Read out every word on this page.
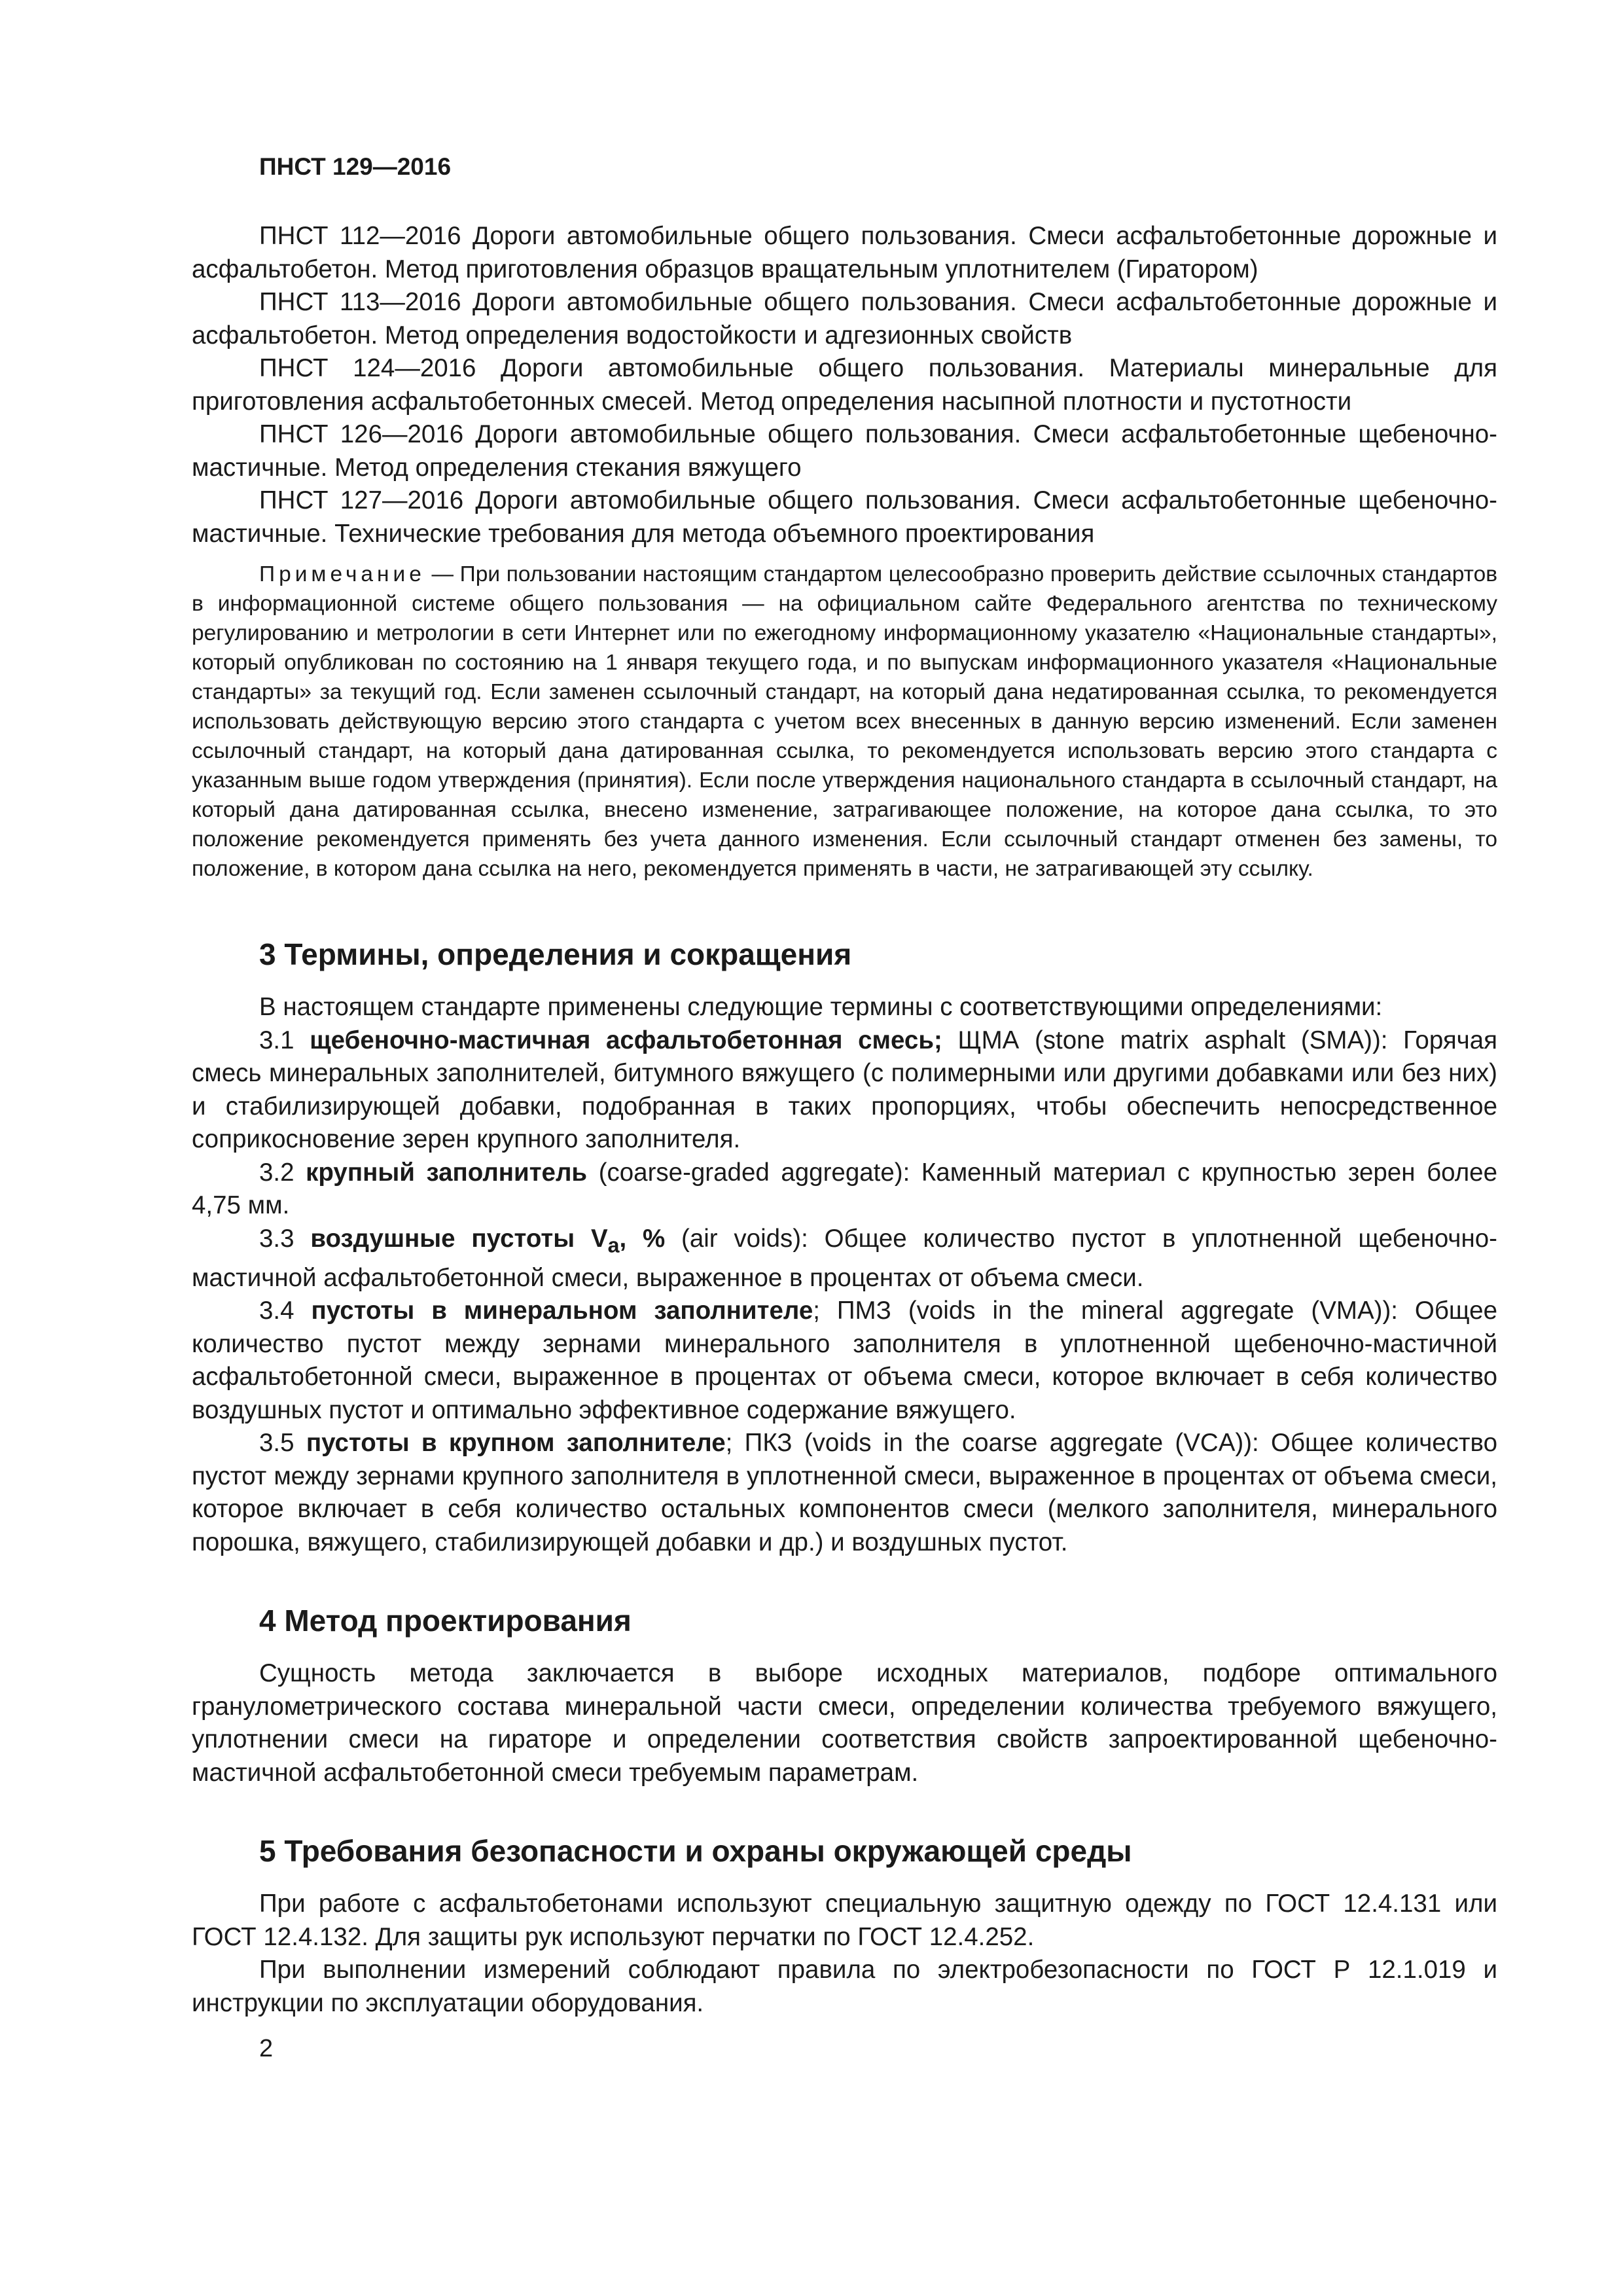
ПНСТ 129—2016

ПНСТ 112—2016 Дороги автомобильные общего пользования. Смеси асфальтобетонные дорожные и асфальтобетон. Метод приготовления образцов вращательным уплотнителем (Гиратором)

ПНСТ 113—2016 Дороги автомобильные общего пользования. Смеси асфальтобетонные дорожные и асфальтобетон. Метод определения водостойкости и адгезионных свойств

ПНСТ 124—2016 Дороги автомобильные общего пользования. Материалы минеральные для приготовления асфальтобетонных смесей. Метод определения насыпной плотности и пустотности

ПНСТ 126—2016 Дороги автомобильные общего пользования. Смеси асфальтобетонные щебеночно-мастичные. Метод определения стекания вяжущего

ПНСТ 127—2016 Дороги автомобильные общего пользования. Смеси асфальтобетонные щебеночно-мастичные. Технические требования для метода объемного проектирования

Примечание — При пользовании настоящим стандартом целесообразно проверить действие ссылочных стандартов в информационной системе общего пользования — на официальном сайте Федерального агентства по техническому регулированию и метрологии в сети Интернет или по ежегодному информационному указателю «Национальные стандарты», который опубликован по состоянию на 1 января текущего года, и по выпускам информационного указателя «Национальные стандарты» за текущий год. Если заменен ссылочный стандарт, на который дана недатированная ссылка, то рекомендуется использовать действующую версию этого стандарта с учетом всех внесенных в данную версию изменений. Если заменен ссылочный стандарт, на который дана датированная ссылка, то рекомендуется использовать версию этого стандарта с указанным выше годом утверждения (принятия). Если после утверждения национального стандарта в ссылочный стандарт, на который дана датированная ссылка, внесено изменение, затрагивающее положение, на которое дана ссылка, то это положение рекомендуется применять без учета данного изменения. Если ссылочный стандарт отменен без замены, то положение, в котором дана ссылка на него, рекомендуется применять в части, не затрагивающей эту ссылку.

3 Термины, определения и сокращения

В настоящем стандарте применены следующие термины с соответствующими определениями:

3.1 щебеночно-мастичная асфальтобетонная смесь; ЩМА (stone matrix asphalt (SMA)): Горячая смесь минеральных заполнителей, битумного вяжущего (с полимерными или другими добавками или без них) и стабилизирующей добавки, подобранная в таких пропорциях, чтобы обеспечить непосредственное соприкосновение зерен крупного заполнителя.

3.2 крупный заполнитель (coarse-graded aggregate): Каменный материал с крупностью зерен более 4,75 мм.

3.3 воздушные пустоты $V_а$, % (air voids): Общее количество пустот в уплотненной щебеночно-мастичной асфальтобетонной смеси, выраженное в процентах от объема смеси.

3.4 пустоты в минеральном заполнителе; ПМЗ (voids in the mineral aggregate (VMA)): Общее количество пустот между зернами минерального заполнителя в уплотненной щебеночно-мастичной асфальтобетонной смеси, выраженное в процентах от объема смеси, которое включает в себя количество воздушных пустот и оптимально эффективное содержание вяжущего.

3.5 пустоты в крупном заполнителе; ПКЗ (voids in the coarse aggregate (VCA)): Общее количество пустот между зернами крупного заполнителя в уплотненной смеси, выраженное в процентах от объема смеси, которое включает в себя количество остальных компонентов смеси (мелкого заполнителя, минерального порошка, вяжущего, стабилизирующей добавки и др.) и воздушных пустот.

4 Метод проектирования

Сущность метода заключается в выборе исходных материалов, подборе оптимального гранулометрического состава минеральной части смеси, определении количества требуемого вяжущего, уплотнении смеси на гираторе и определении соответствия свойств запроектированной щебеночно-мастичной асфальтобетонной смеси требуемым параметрам.

5 Требования безопасности и охраны окружающей среды

При работе с асфальтобетонами используют специальную защитную одежду по ГОСТ 12.4.131 или ГОСТ 12.4.132. Для защиты рук используют перчатки по ГОСТ 12.4.252.

При выполнении измерений соблюдают правила по электробезопасности по ГОСТ Р 12.1.019 и инструкции по эксплуатации оборудования.

2
